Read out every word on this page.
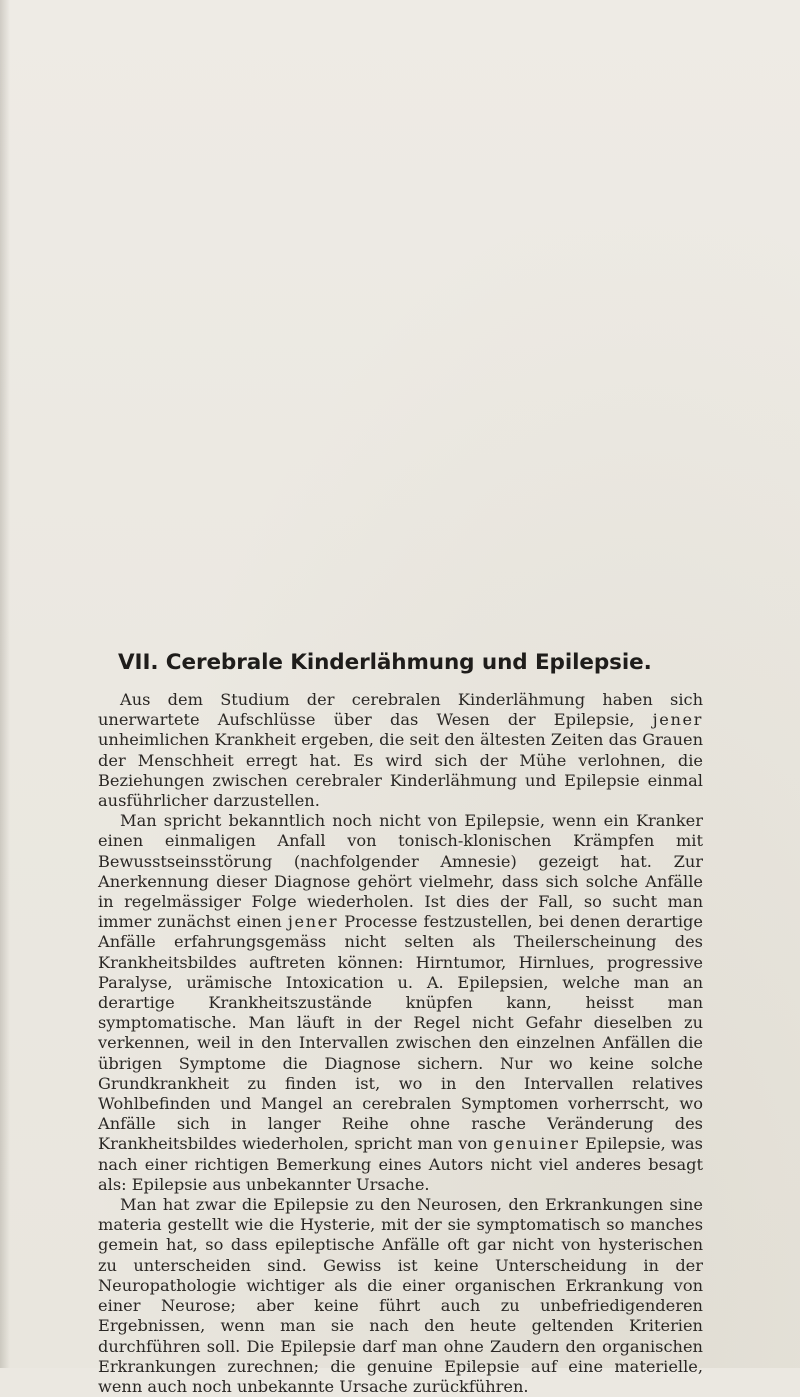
VII. Cerebrale Kinderlähmung und Epilepsie.

Aus dem Studium der cerebralen Kinderlähmung haben sich unerwartete Aufschlüsse über das Wesen der Epilepsie, jener unheimlichen Krankheit ergeben, die seit den ältesten Zeiten das Grauen der Menschheit erregt hat. Es wird sich der Mühe verlohnen, die Beziehungen zwischen cerebraler Kinderlähmung und Epilepsie einmal ausführlicher darzustellen.

Man spricht bekanntlich noch nicht von Epilepsie, wenn ein Kranker einen einmaligen Anfall von tonisch-klonischen Krämpfen mit Bewusstseinsstörung (nachfolgender Amnesie) gezeigt hat. Zur Anerkennung dieser Diagnose gehört vielmehr, dass sich solche Anfälle in regelmässiger Folge wiederholen. Ist dies der Fall, so sucht man immer zunächst einen jener Processe festzustellen, bei denen derartige Anfälle erfahrungsgemäss nicht selten als Theilerscheinung des Krankheitsbildes auftreten können: Hirntumor, Hirnlues, progressive Paralyse, urämische Intoxication u. A. Epilepsien, welche man an derartige Krankheitszustände knüpfen kann, heisst man symptomatische. Man läuft in der Regel nicht Gefahr dieselben zu verkennen, weil in den Intervallen zwischen den einzelnen Anfällen die übrigen Symptome die Diagnose sichern. Nur wo keine solche Grundkrankheit zu finden ist, wo in den Intervallen relatives Wohlbefinden und Mangel an cerebralen Symptomen vorherrscht, wo Anfälle sich in langer Reihe ohne rasche Veränderung des Krankheitsbildes wiederholen, spricht man von genuiner Epilepsie, was nach einer richtigen Bemerkung eines Autors nicht viel anderes besagt als: Epilepsie aus unbekannter Ursache.

Man hat zwar die Epilepsie zu den Neurosen, den Erkrankungen sine materia gestellt wie die Hysterie, mit der sie symptomatisch so manches gemein hat, so dass epileptische Anfälle oft gar nicht von hysterischen zu unterscheiden sind. Gewiss ist keine Unterscheidung in der Neuropathologie wichtiger als die einer organischen Erkrankung von einer Neurose; aber keine führt auch zu unbefriedigenderen Ergebnissen, wenn man sie nach den heute geltenden Kriterien durchführen soll. Die Epilepsie darf man ohne Zaudern den organischen Erkrankungen zurechnen; die genuine Epilepsie auf eine materielle, wenn auch noch unbekannte Ursache zurückführen.
